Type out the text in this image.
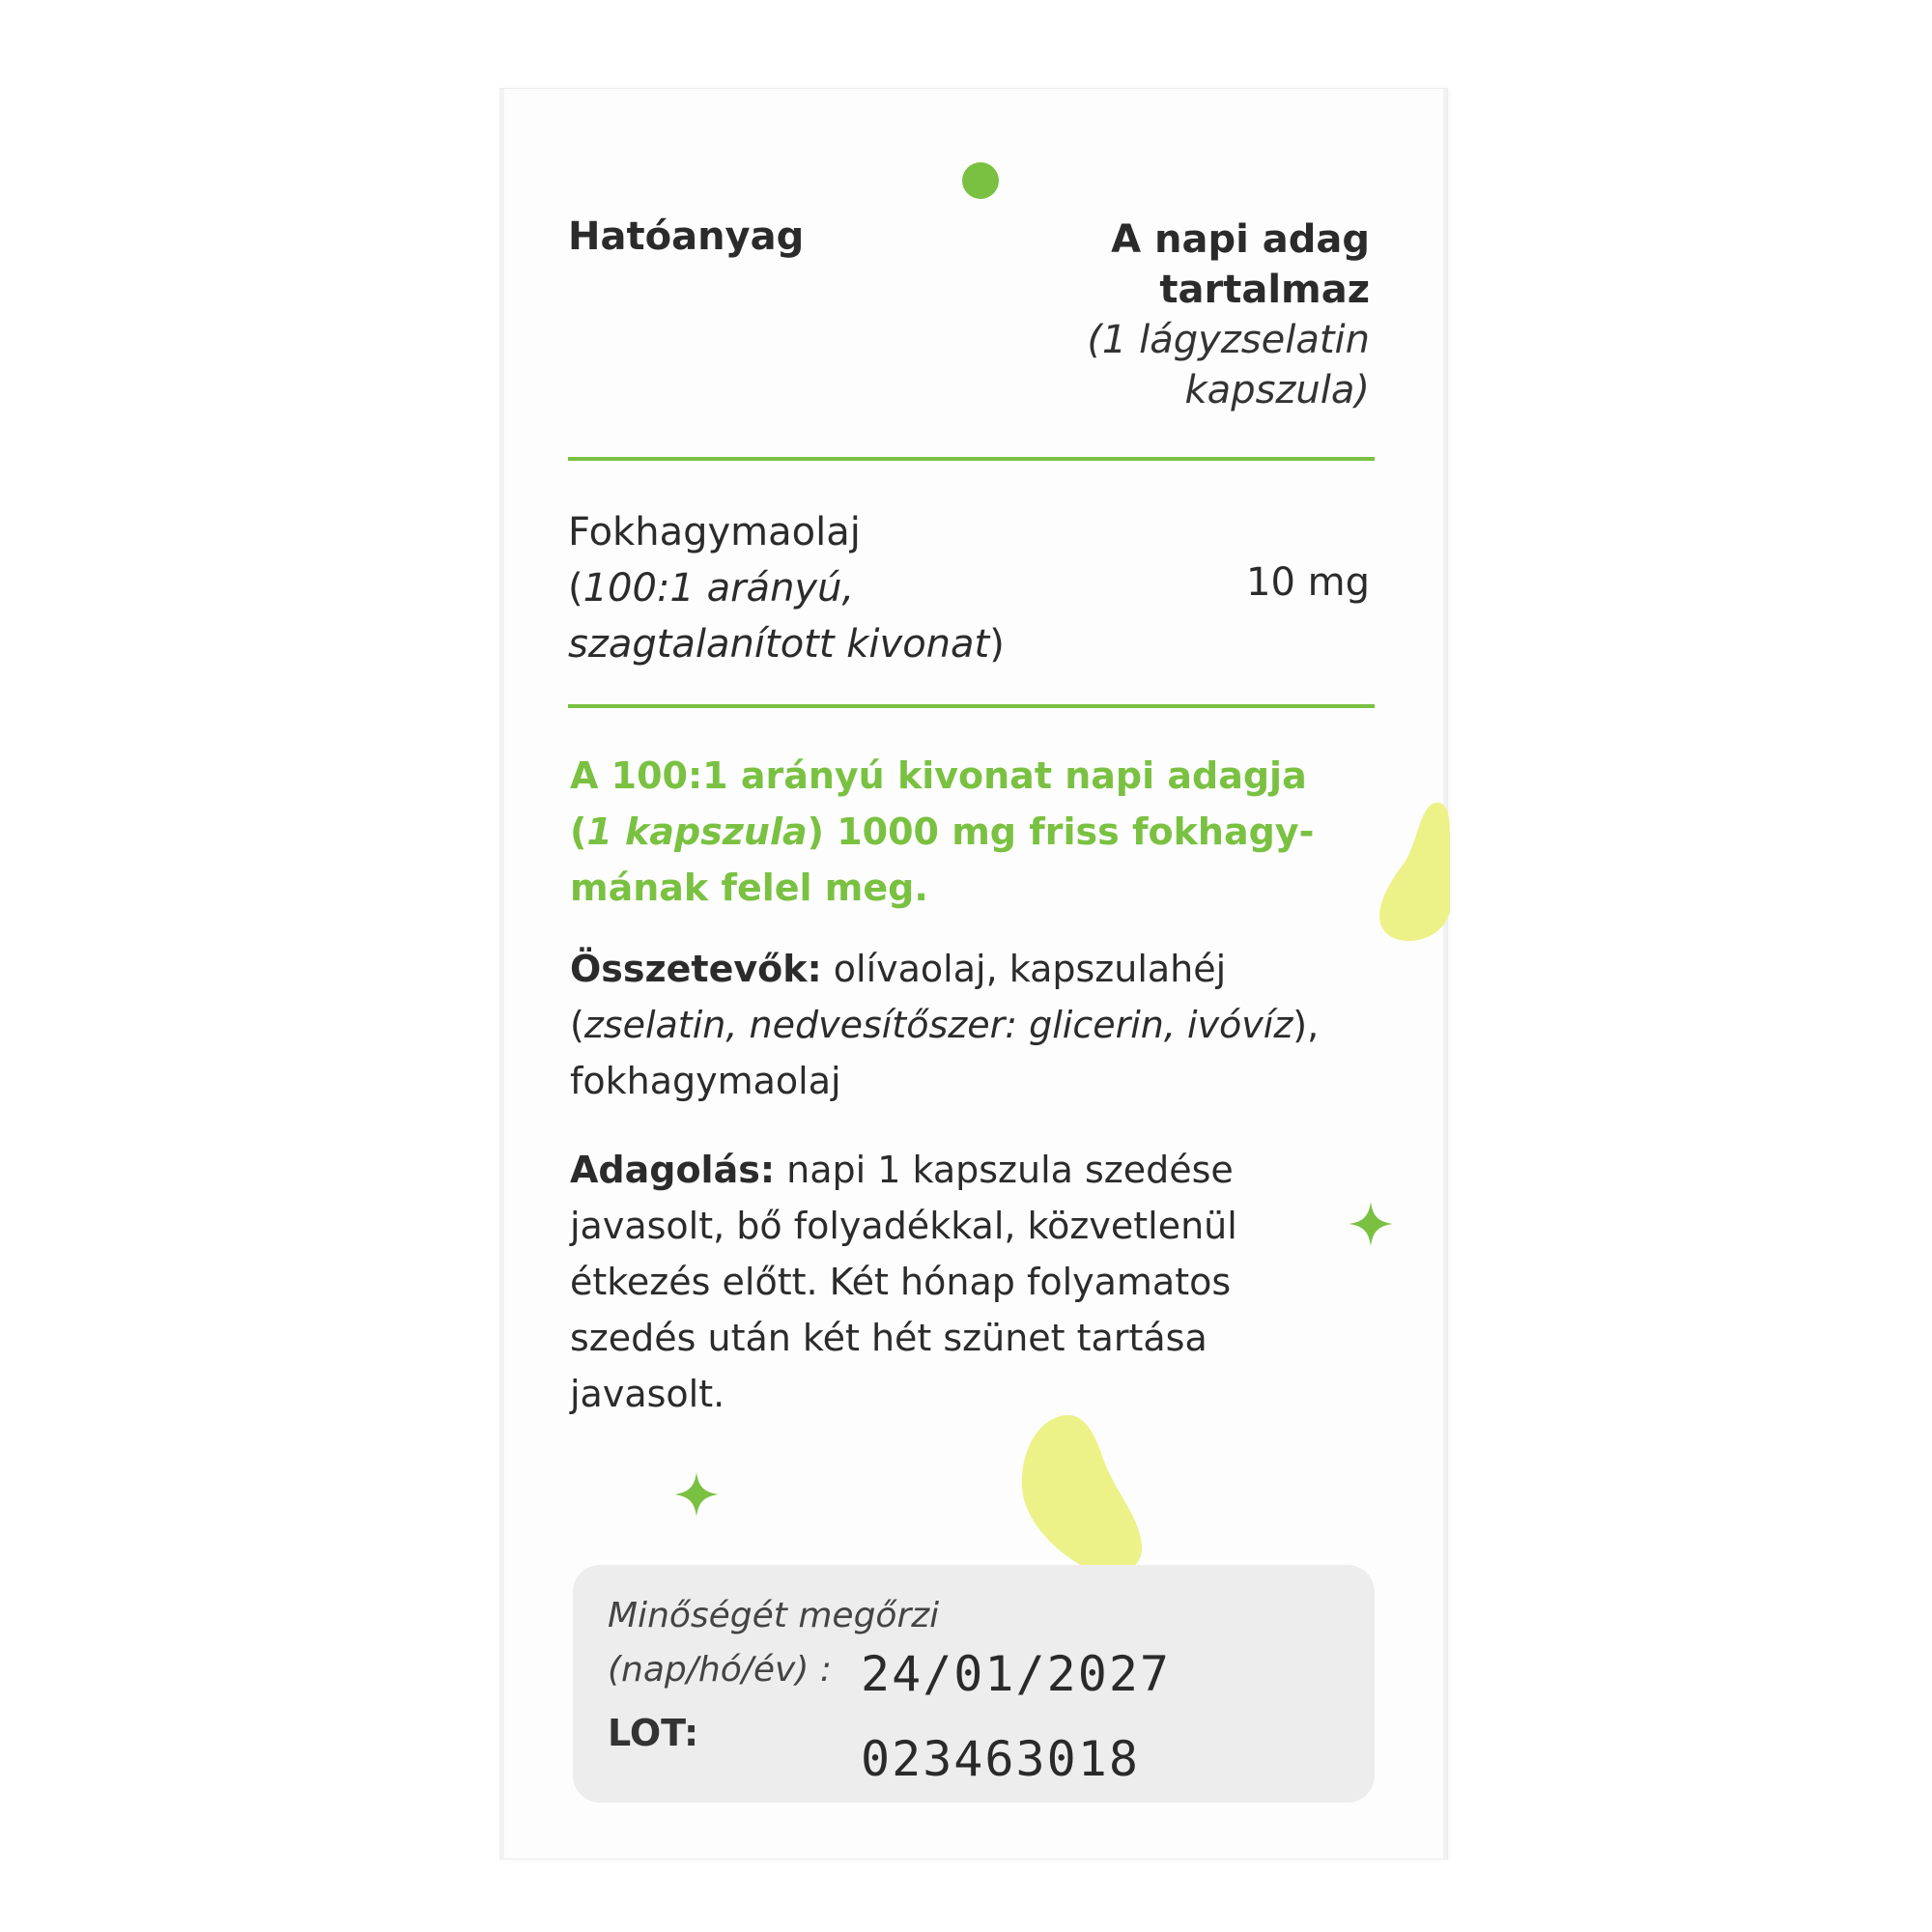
Hatóanyag	A napi adag
tartalmaz
(1 lágyzselatin
kapszula)
Fokhagymaolaj
(100:1 arányú,
szagtalanított kivonat)
10 mg
A 100:1 arányú kivonat napi adagja
(1 kapszula) 1000 mg friss fokhagy-
mának felel meg.
Összetevők: olívaolaj, kapszulahéj
(zselatin, nedvesítőszer: glicerin, ivóvíz),
fokhagymaolaj
Adagolás: napi 1 kapszula szedése
javasolt, bő folyadékkal, közvetlenül
étkezés előtt. Két hónap folyamatos
szedés után két hét szünet tartása
javasolt.
Minőségét megőrzi
(nap/hó/év) : 24/01/2027
LOT:	023463018
